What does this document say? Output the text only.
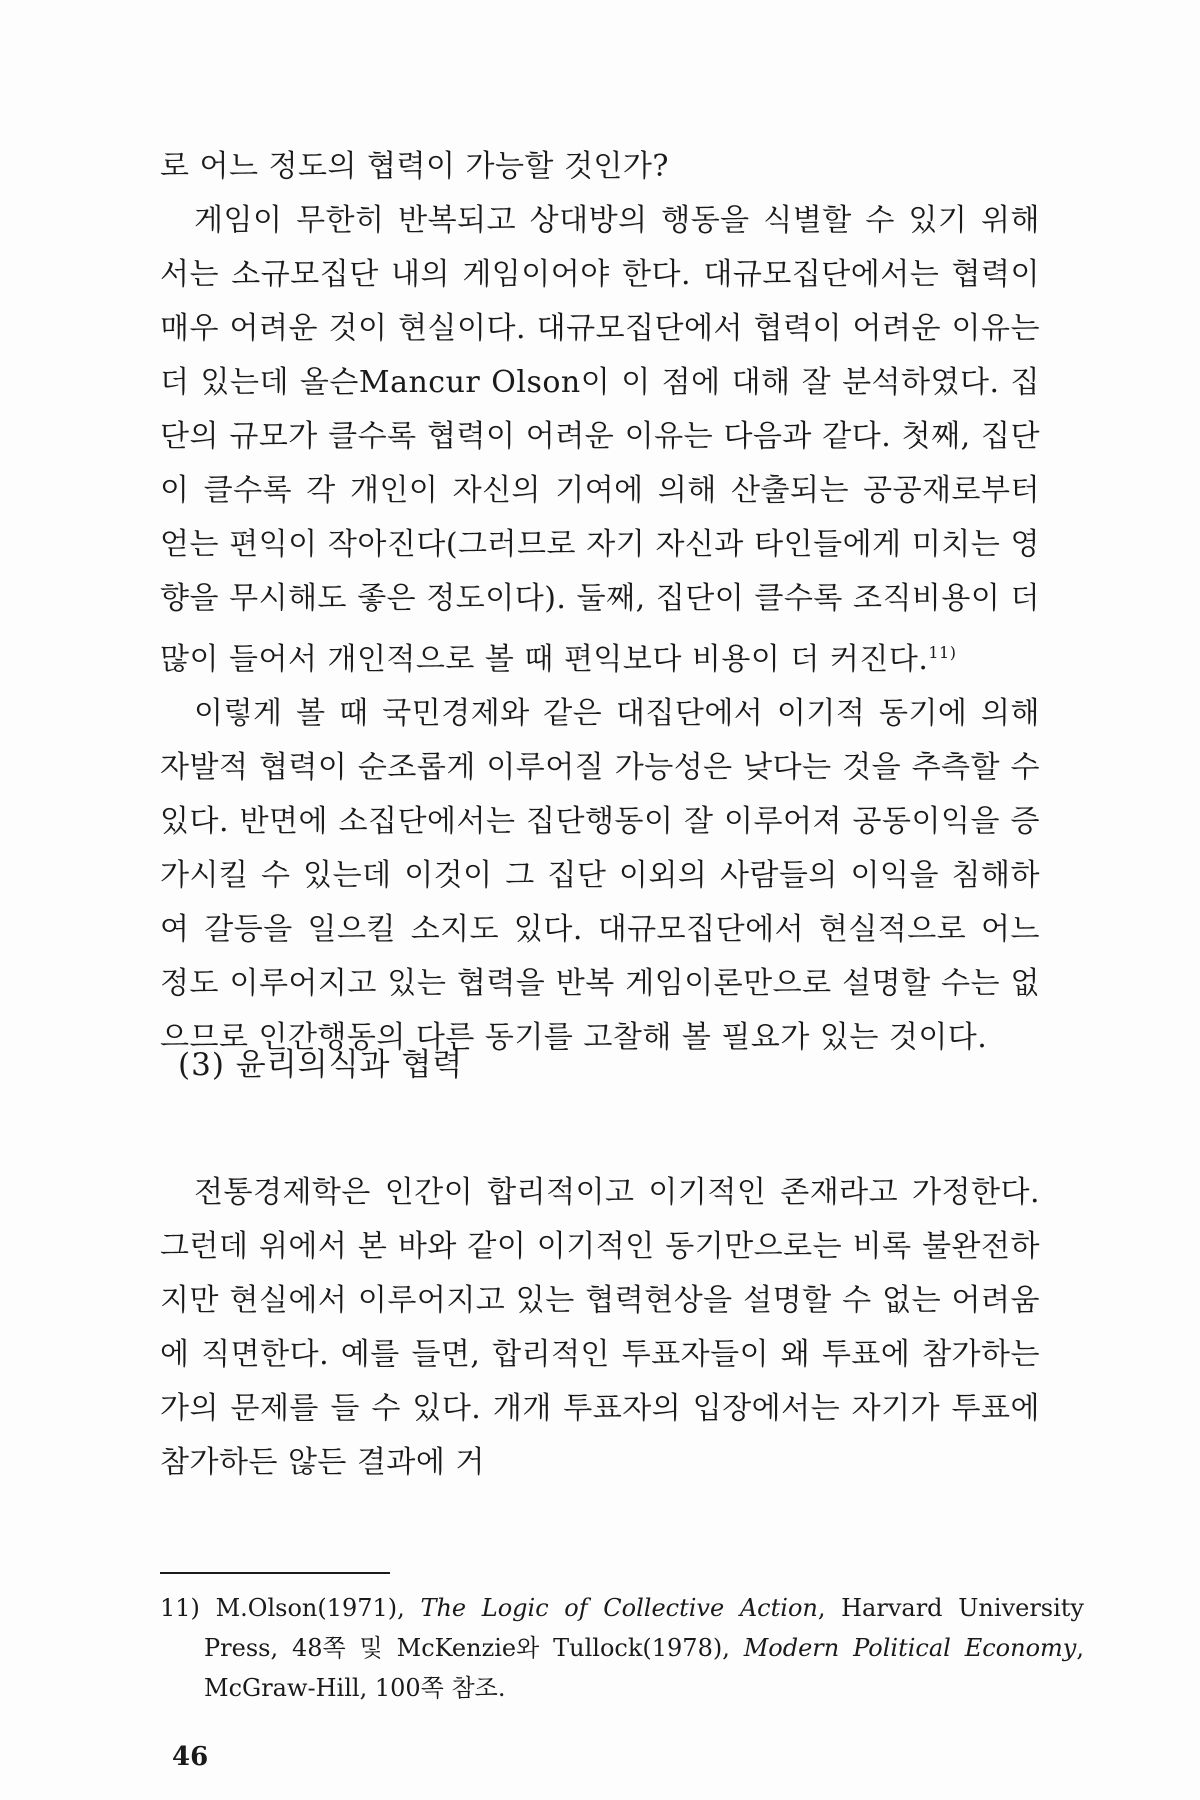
로 어느 정도의 협력이 가능할 것인가?

게임이 무한히 반복되고 상대방의 행동을 식별할 수 있기 위해서는 소규모집단 내의 게임이어야 한다. 대규모집단에서는 협력이 매우 어려운 것이 현실이다. 대규모집단에서 협력이 어려운 이유는 더 있는데 올슨Mancur Olson이 이 점에 대해 잘 분석하였다. 집단의 규모가 클수록 협력이 어려운 이유는 다음과 같다. 첫째, 집단이 클수록 각 개인이 자신의 기여에 의해 산출되는 공공재로부터 얻는 편익이 작아진다(그러므로 자기 자신과 타인들에게 미치는 영향을 무시해도 좋은 정도이다). 둘째, 집단이 클수록 조직비용이 더 많이 들어서 개인적으로 볼 때 편익보다 비용이 더 커진다.$^{11)}$

이렇게 볼 때 국민경제와 같은 대집단에서 이기적 동기에 의해 자발적 협력이 순조롭게 이루어질 가능성은 낮다는 것을 추측할 수 있다. 반면에 소집단에서는 집단행동이 잘 이루어져 공동이익을 증가시킬 수 있는데 이것이 그 집단 이외의 사람들의 이익을 침해하여 갈등을 일으킬 소지도 있다. 대규모집단에서 현실적으로 어느 정도 이루어지고 있는 협력을 반복 게임이론만으로 설명할 수는 없으므로 인간행동의 다른 동기를 고찰해 볼 필요가 있는 것이다.

(3) 윤리의식과 협력

전통경제학은 인간이 합리적이고 이기적인 존재라고 가정한다. 그런데 위에서 본 바와 같이 이기적인 동기만으로는 비록 불완전하지만 현실에서 이루어지고 있는 협력현상을 설명할 수 없는 어려움에 직면한다. 예를 들면, 합리적인 투표자들이 왜 투표에 참가하는가의 문제를 들 수 있다. 개개 투표자의 입장에서는 자기가 투표에 참가하든 않든 결과에 거

11) M.Olson(1971), The Logic of Collective Action, Harvard University Press, 48쪽 및 McKenzie와 Tullock(1978), Modern Political Economy, McGraw-Hill, 100쪽 참조.

46
